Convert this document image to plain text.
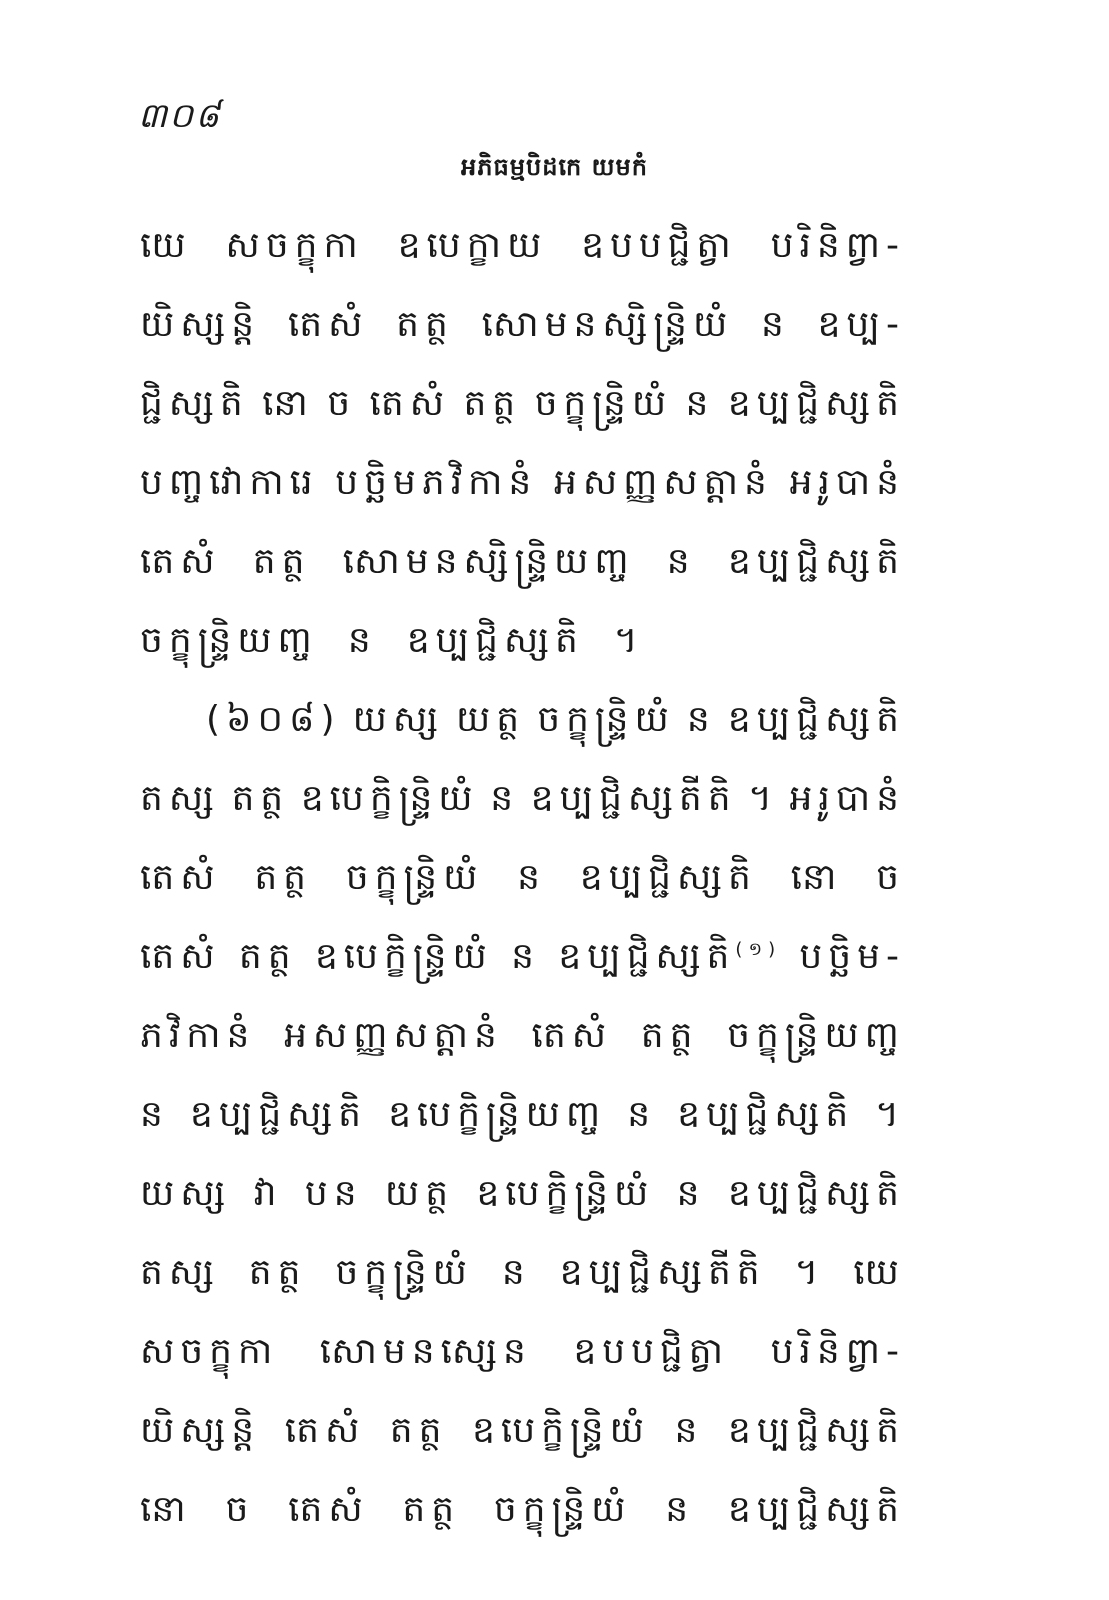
៣០៨
អភិធម្មបិដកេ យមកំ
យេ សចក្ខុកា ឧបេក្ខាយ ឧបបជ្ជិត្វា បរិនិព្វា-
យិស្សន្តិ តេសំ តត្ថ សោមនស្សិន្ទ្រិយំ ន ឧប្ប-
ជ្ជិស្សតិ នោ ច តេសំ តត្ថ ចក្ខុន្ទ្រិយំ ន ឧប្បជ្ជិស្សតិ
បញ្ចវោការេ បច្ឆិមភវិកានំ អសញ្ញសត្តានំ អរូបានំ
តេសំ តត្ថ សោមនស្សិន្ទ្រិយញ្ច ន ឧប្បជ្ជិស្សតិ
ចក្ខុន្ទ្រិយញ្ច ន ឧប្បជ្ជិស្សតិ ។
(៦០៨) យស្ស យត្ថ ចក្ខុន្ទ្រិយំ ន ឧប្បជ្ជិស្សតិ
តស្ស តត្ថ ឧបេក្ខិន្ទ្រិយំ ន ឧប្បជ្ជិស្សតីតិ ។ អរូបានំ
តេសំ តត្ថ ចក្ខុន្ទ្រិយំ ន ឧប្បជ្ជិស្សតិ នោ ច
តេសំ តត្ថ ឧបេក្ខិន្ទ្រិយំ ន ឧប្បជ្ជិស្សតិ$^{(១)}$ បច្ឆិម-
ភវិកានំ អសញ្ញសត្តានំ តេសំ តត្ថ ចក្ខុន្ទ្រិយញ្ច
ន ឧប្បជ្ជិស្សតិ ឧបេក្ខិន្ទ្រិយញ្ច ន ឧប្បជ្ជិស្សតិ ។
យស្ស វា បន យត្ថ ឧបេក្ខិន្ទ្រិយំ ន ឧប្បជ្ជិស្សតិ
តស្ស តត្ថ ចក្ខុន្ទ្រិយំ ន ឧប្បជ្ជិស្សតីតិ ។ យេ
សចក្ខុកា សោមនស្សេន ឧបបជ្ជិត្វា បរិនិព្វា-
យិស្សន្តិ តេសំ តត្ថ ឧបេក្ខិន្ទ្រិយំ ន ឧប្បជ្ជិស្សតិ
នោ ច តេសំ តត្ថ ចក្ខុន្ទ្រិយំ ន ឧប្បជ្ជិស្សតិ
